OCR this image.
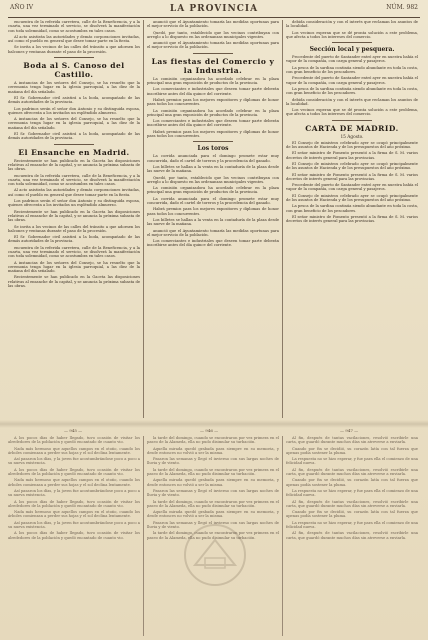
AÑO IV	LA PROVINCIA	NÚM. 982

encuentra de la referida carretera, calle de la Beneficencia, y a la cuarta, una vez terminado el servicio, se disolverá la manifestación con toda solemnidad, como se acostumbra en tales casos.

Al acto asistirán las autoridades y demás corporaciones invitadas, así como el pueblo en general que desee tomar parte en la fiesta.

Se invita a los vecinos de las calles del tránsito a que adornen los balcones y ventanas durante el paso de la procesión.

Boda al S. Canoso del Castillo.

A instancias de los señores del Consejo, se ha resuelto que la ceremonia tenga lugar en la iglesia parroquial, a las diez de la mañana del día señalado.

El Sr. Gobernador civil asistirá a la boda, acompañado de las demás autoridades de la provincia.

Los padrinos serán el señor don Antonio y su distinguida esposa, quienes ofrecerán a los invitados un espléndido almuerzo.

A instancias de los señores del Consejo, se ha resuelto que la ceremonia tenga lugar en la iglesia parroquial, a las diez de la mañana del día señalado.

El Sr. Gobernador civil asistirá a la boda, acompañado de las demás autoridades de la provincia.

El Ensanche en Madrid.

Recientemente se han publicado en la Gaceta las disposiciones relativas al ensanche de la capital, y se anuncia la próxima subasta de las obras.

encuentra de la referida carretera, calle de la Beneficencia, y a la cuarta, una vez terminado el servicio, se disolverá la manifestación con toda solemnidad, como se acostumbra en tales casos.

Al acto asistirán las autoridades y demás corporaciones invitadas, así como el pueblo en general que desee tomar parte en la fiesta.

Los padrinos serán el señor don Antonio y su distinguida esposa, quienes ofrecerán a los invitados un espléndido almuerzo.

Recientemente se han publicado en la Gaceta las disposiciones relativas al ensanche de la capital, y se anuncia la próxima subasta de las obras.

Se invita a los vecinos de las calles del tránsito a que adornen los balcones y ventanas durante el paso de la procesión.

El Sr. Gobernador civil asistirá a la boda, acompañado de las demás autoridades de la provincia.

encuentra de la referida carretera, calle de la Beneficencia, y a la cuarta, una vez terminado el servicio, se disolverá la manifestación con toda solemnidad, como se acostumbra en tales casos.

A instancias de los señores del Consejo, se ha resuelto que la ceremonia tenga lugar en la iglesia parroquial, a las diez de la mañana del día señalado.

Recientemente se han publicado en la Gaceta las disposiciones relativas al ensanche de la capital, y se anuncia la próxima subasta de las obras.

anunció que el Ayuntamiento tomaría las medidas oportunas para el mejor servicio de la población.

Quedó, por tanto, establecido que los vecinos contribuyan con arreglo a lo dispuesto en las ordenanzas municipales vigentes.

anunció que el Ayuntamiento tomaría las medidas oportunas para el mejor servicio de la población.

Las fiestas del Comercio y la Industria.

La comisión organizadora ha acordado celebrar en la plaza principal una gran exposición de productos de la provincia.

Los comerciantes e industriales que deseen tomar parte deberán inscribirse antes del día quince del corriente.

Habrá premios para los mejores expositores y diplomas de honor para todos los concurrentes.

La comisión organizadora ha acordado celebrar en la plaza principal una gran exposición de productos de la provincia.

Los comerciantes e industriales que deseen tomar parte deberán inscribirse antes del día quince del corriente.

Habrá premios para los mejores expositores y diplomas de honor para todos los concurrentes.

Los toros

La corrida anunciada para el domingo promete estar muy concurrida, dado el cartel de toreros y la procedencia del ganado.

Los billetes se hallan a la venta en la contaduría de la plaza desde las nueve de la mañana.

Quedó, por tanto, establecido que los vecinos contribuyan con arreglo a lo dispuesto en las ordenanzas municipales vigentes.

La comisión organizadora ha acordado celebrar en la plaza principal una gran exposición de productos de la provincia.

La corrida anunciada para el domingo promete estar muy concurrida, dado el cartel de toreros y la procedencia del ganado.

Habrá premios para los mejores expositores y diplomas de honor para todos los concurrentes.

Los billetes se hallan a la venta en la contaduría de la plaza desde las nueve de la mañana.

anunció que el Ayuntamiento tomaría las medidas oportunas para el mejor servicio de la población.

Los comerciantes e industriales que deseen tomar parte deberán inscribirse antes del día quince del corriente.

debida consideración y con el interés que reclaman los asuntos de la localidad.

Los vecinos esperan que se dé pronta solución a este problema, que afecta a todos los intereses del comercio.

Sección local y pesquera.

Procedente del puerto de Santander entró ayer en nuestra bahía el vapor de la compañía, con carga general y pasajeros.

La pesca de la sardina continúa siendo abundante en toda la costa, con gran beneficio de los pescadores.

Procedente del puerto de Santander entró ayer en nuestra bahía el vapor de la compañía, con carga general y pasajeros.

La pesca de la sardina continúa siendo abundante en toda la costa, con gran beneficio de los pescadores.

debida consideración y con el interés que reclaman los asuntos de la localidad.

Los vecinos esperan que se dé pronta solución a este problema, que afecta a todos los intereses del comercio.

CARTA DE MADRID.
15 Agosto.

El Consejo de ministros celebrado ayer se ocupó principalmente de los asuntos de Hacienda y de los presupuestos del año próximo.

El señor ministro de Fomento presentó a la firma de S. M. varios decretos de interés general para las provincias.

El Consejo de ministros celebrado ayer se ocupó principalmente de los asuntos de Hacienda y de los presupuestos del año próximo.

El señor ministro de Fomento presentó a la firma de S. M. varios decretos de interés general para las provincias.

Procedente del puerto de Santander entró ayer en nuestra bahía el vapor de la compañía, con carga general y pasajeros.

El Consejo de ministros celebrado ayer se ocupó principalmente de los asuntos de Hacienda y de los presupuestos del año próximo.

La pesca de la sardina continúa siendo abundante en toda la costa, con gran beneficio de los pescadores.

El señor ministro de Fomento presentó a la firma de S. M. varios decretos de interés general para las provincias.

— 945 —	— 946 —	— 947 —

A los pocos días de haber llegado, tuvo ocasión de visitar los alrededores de la población y quedó encantado de cuanto vio.

Nada más hermoso que aquellos campos en el otoño, cuando los árboles comienzan a perder sus hojas y el sol declina lentamente.

Así pasaron los días, y la joven fue acostumbrándose poco a poco a su nueva existencia.

A los pocos días de haber llegado, tuvo ocasión de visitar los alrededores de la población y quedó encantado de cuanto vio.

Nada más hermoso que aquellos campos en el otoño, cuando los árboles comienzan a perder sus hojas y el sol declina lentamente.

Así pasaron los días, y la joven fue acostumbrándose poco a poco a su nueva existencia.

A los pocos días de haber llegado, tuvo ocasión de visitar los alrededores de la población y quedó encantado de cuanto vio.

Nada más hermoso que aquellos campos en el otoño, cuando los árboles comienzan a perder sus hojas y el sol declina lentamente.

Así pasaron los días, y la joven fue acostumbrándose poco a poco a su nueva existencia.

A los pocos días de haber llegado, tuvo ocasión de visitar los alrededores de la población y quedó encantado de cuanto vio.

la tarde del domingo, cuando se encontraron por vez primera en el paseo de la Alameda, ella no pudo disimular su turbación.

Aquella mirada quedó grabada para siempre en su memoria, y desde entonces no volvió a ser la misma.

Pasaron las semanas y llegó el invierno con sus largas noches de lluvia y de viento.

la tarde del domingo, cuando se encontraron por vez primera en el paseo de la Alameda, ella no pudo disimular su turbación.

Aquella mirada quedó grabada para siempre en su memoria, y desde entonces no volvió a ser la misma.

Pasaron las semanas y llegó el invierno con sus largas noches de lluvia y de viento.

la tarde del domingo, cuando se encontraron por vez primera en el paseo de la Alameda, ella no pudo disimular su turbación.

Aquella mirada quedó grabada para siempre en su memoria, y desde entonces no volvió a ser la misma.

Pasaron las semanas y llegó el invierno con sus largas noches de lluvia y de viento.

la tarde del domingo, cuando se encontraron por vez primera en el paseo de la Alameda, ella no pudo disimular su turbación.

Al fin, después de tantas vacilaciones, resolvió escribirle una carta, que guardó durante muchos días sin atreverse a enviarla.

Cuando por fin se decidió, su corazón latía con tal fuerza que apenas podía sostener la pluma.

La respuesta no se hizo esperar, y fue para ella el comienzo de una felicidad nueva.

Al fin, después de tantas vacilaciones, resolvió escribirle una carta, que guardó durante muchos días sin atreverse a enviarla.

Cuando por fin se decidió, su corazón latía con tal fuerza que apenas podía sostener la pluma.

La respuesta no se hizo esperar, y fue para ella el comienzo de una felicidad nueva.

Al fin, después de tantas vacilaciones, resolvió escribirle una carta, que guardó durante muchos días sin atreverse a enviarla.

Cuando por fin se decidió, su corazón latía con tal fuerza que apenas podía sostener la pluma.

La respuesta no se hizo esperar, y fue para ella el comienzo de una felicidad nueva.

Al fin, después de tantas vacilaciones, resolvió escribirle una carta, que guardó durante muchos días sin atreverse a enviarla.
